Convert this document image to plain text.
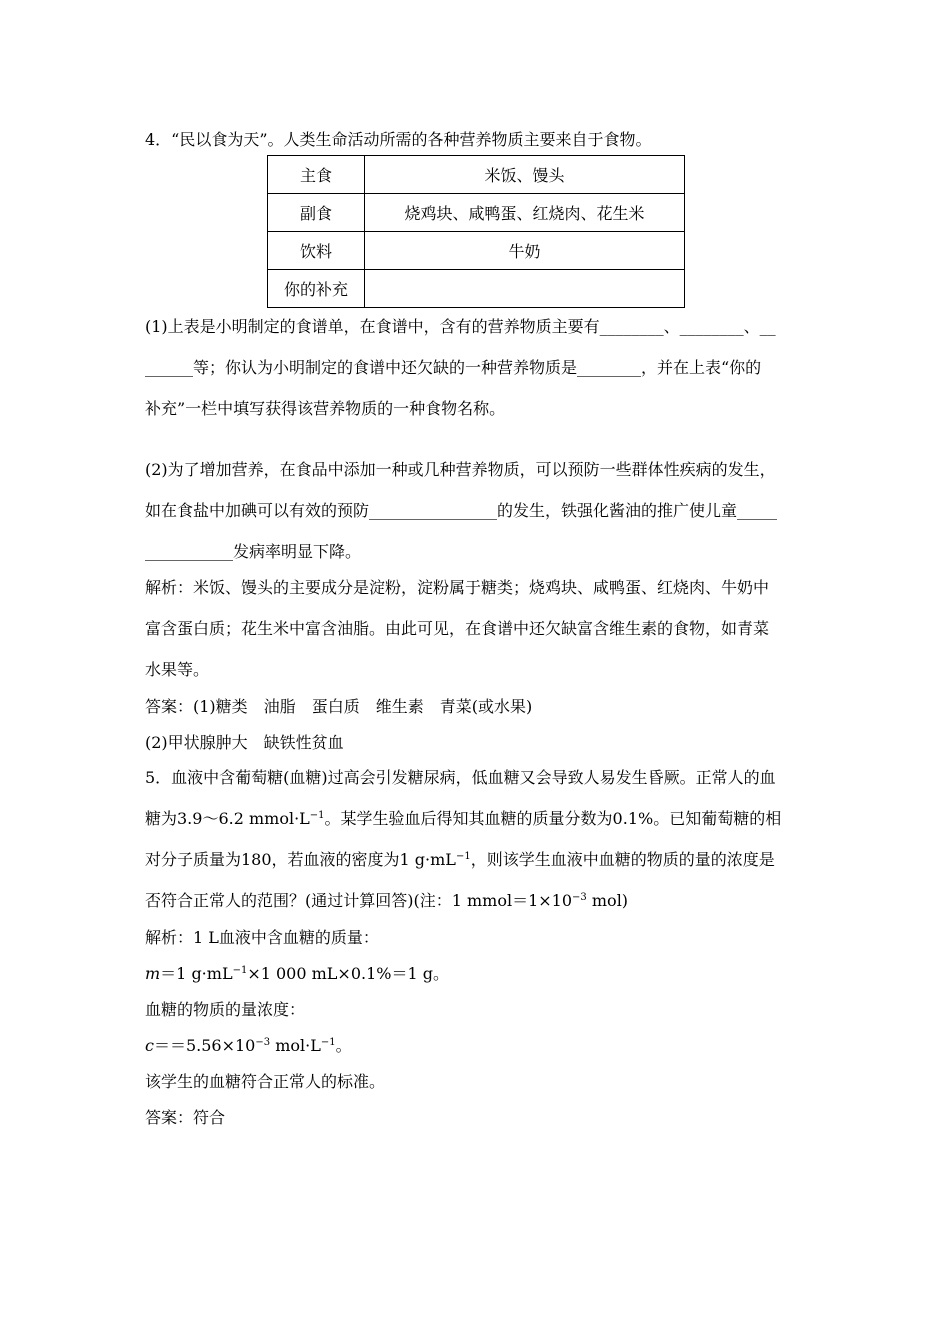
4．“民以食为天”。人类生命活动所需的各种营养物质主要来自于食物。
主食	米饭、馒头
副食	烧鸡块、咸鸭蛋、红烧肉、花生米
饮料	牛奶
你的补充	
(1)上表是小明制定的食谱单，在食谱中，含有的营养物质主要有________、________、__
______等；你认为小明制定的食谱中还欠缺的一种营养物质是________，并在上表“你的
补充”一栏中填写获得该营养物质的一种食物名称。
(2)为了增加营养，在食品中添加一种或几种营养物质，可以预防一些群体性疾病的发生，
如在食盐中加碘可以有效的预防________________的发生，铁强化酱油的推广使儿童_____
___________发病率明显下降。
解析：米饭、馒头的主要成分是淀粉，淀粉属于糖类；烧鸡块、咸鸭蛋、红烧肉、牛奶中
富含蛋白质；花生米中富含油脂。由此可见，在食谱中还欠缺富含维生素的食物，如青菜
水果等。
答案：(1)糖类 油脂 蛋白质 维生素 青菜(或水果)
(2)甲状腺肿大 缺铁性贫血
5．血液中含葡萄糖(血糖)过高会引发糖尿病，低血糖又会导致人易发生昏厥。正常人的血
糖为3.9～6.2 $mmol\cdot L^{-1}$。某学生验血后得知其血糖的质量分数为0.1%。已知葡萄糖的相
对分子质量为180，若血液的密度为1 $g\cdot mL^{-1}$，则该学生血液中血糖的物质的量的浓度是
否符合正常人的范围？(通过计算回答)(注：1 $mmol=1\times 10^{-3}$ mol)
解析：1 L血液中含血糖的质量：
m＝1 $g\cdot mL^{-1}\times 1$ 000 mL×0.1%＝1 g。
血糖的物质的量浓度：
$c==5.56\times 10^{-3}$ $mol\cdot L^{-1}$。
该学生的血糖符合正常人的标准。
答案：符合
